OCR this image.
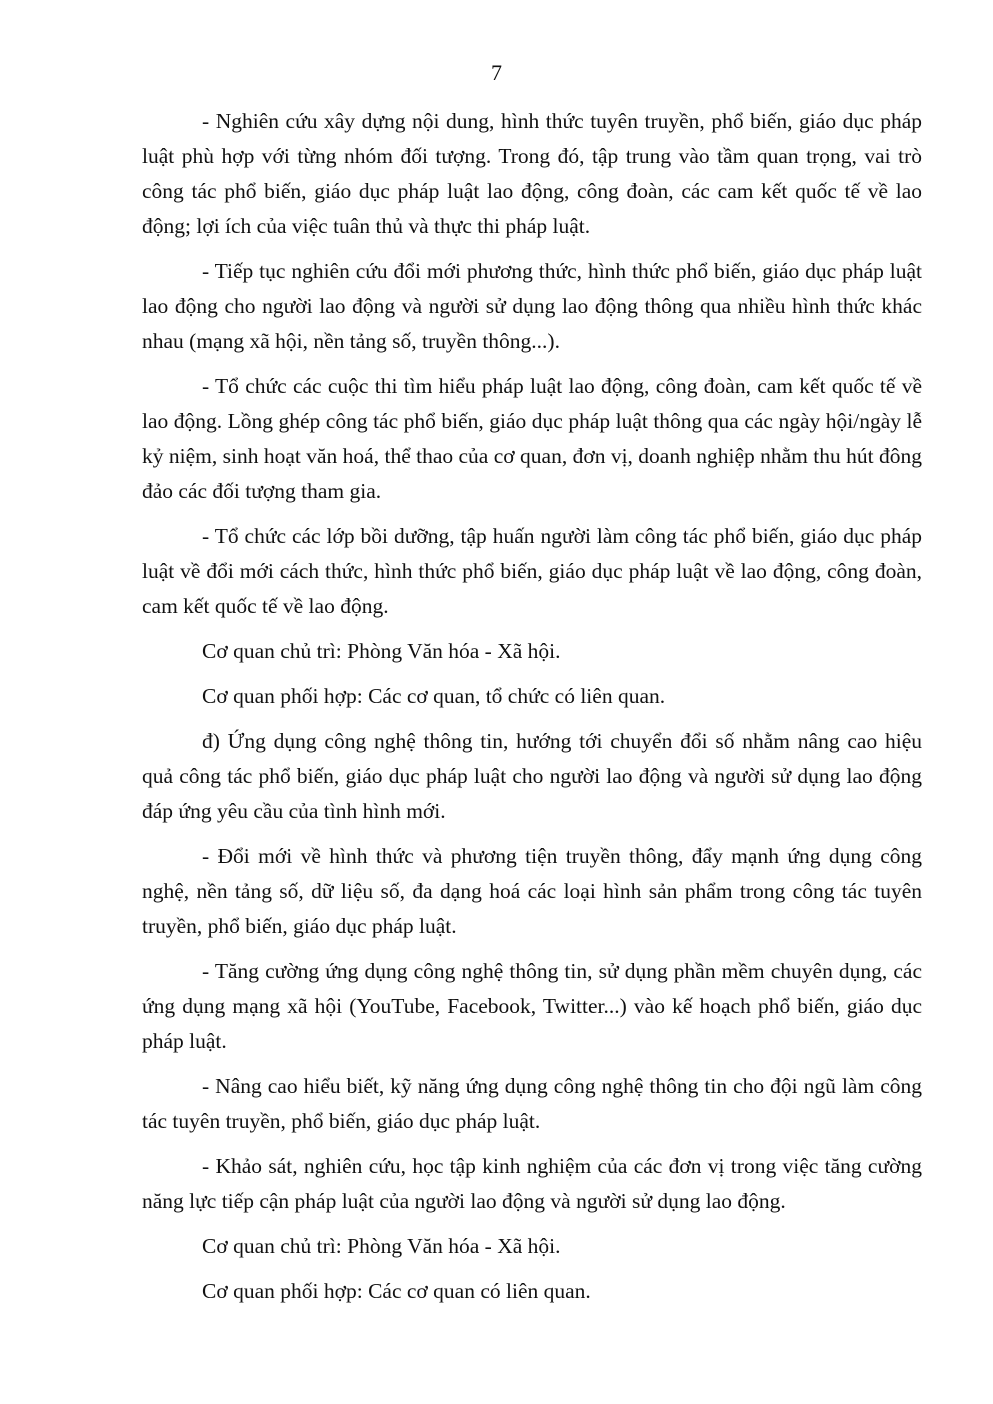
7

- Nghiên cứu xây dựng nội dung, hình thức tuyên truyền, phổ biến, giáo dục pháp luật phù hợp với từng nhóm đối tượng. Trong đó, tập trung vào tầm quan trọng, vai trò công tác phổ biến, giáo dục pháp luật lao động, công đoàn, các cam kết quốc tế về lao động; lợi ích của việc tuân thủ và thực thi pháp luật.

- Tiếp tục nghiên cứu đổi mới phương thức, hình thức phổ biến, giáo dục pháp luật lao động cho người lao động và người sử dụng lao động thông qua nhiều hình thức khác nhau (mạng xã hội, nền tảng số, truyền thông...).

- Tổ chức các cuộc thi tìm hiểu pháp luật lao động, công đoàn, cam kết quốc tế về lao động. Lồng ghép công tác phổ biến, giáo dục pháp luật thông qua các ngày hội/ngày lễ kỷ niệm, sinh hoạt văn hoá, thể thao của cơ quan, đơn vị, doanh nghiệp nhằm thu hút đông đảo các đối tượng tham gia.

- Tổ chức các lớp bồi dưỡng, tập huấn người làm công tác phổ biến, giáo dục pháp luật về đổi mới cách thức, hình thức phổ biến, giáo dục pháp luật về lao động, công đoàn, cam kết quốc tế về lao động.

Cơ quan chủ trì: Phòng Văn hóa - Xã hội.

Cơ quan phối hợp: Các cơ quan, tổ chức có liên quan.

đ) Ứng dụng công nghệ thông tin, hướng tới chuyển đổi số nhằm nâng cao hiệu quả công tác phổ biến, giáo dục pháp luật cho người lao động và người sử dụng lao động đáp ứng yêu cầu của tình hình mới.

- Đổi mới về hình thức và phương tiện truyền thông, đẩy mạnh ứng dụng công nghệ, nền tảng số, dữ liệu số, đa dạng hoá các loại hình sản phẩm trong công tác tuyên truyền, phổ biến, giáo dục pháp luật.

- Tăng cường ứng dụng công nghệ thông tin, sử dụng phần mềm chuyên dụng, các ứng dụng mạng xã hội (YouTube, Facebook, Twitter...) vào kế hoạch phổ biến, giáo dục pháp luật.

- Nâng cao hiểu biết, kỹ năng ứng dụng công nghệ thông tin cho đội ngũ làm công tác tuyên truyền, phổ biến, giáo dục pháp luật.

- Khảo sát, nghiên cứu, học tập kinh nghiệm của các đơn vị trong việc tăng cường năng lực tiếp cận pháp luật của người lao động và người sử dụng lao động.

Cơ quan chủ trì: Phòng Văn hóa - Xã hội.

Cơ quan phối hợp: Các cơ quan có liên quan.
